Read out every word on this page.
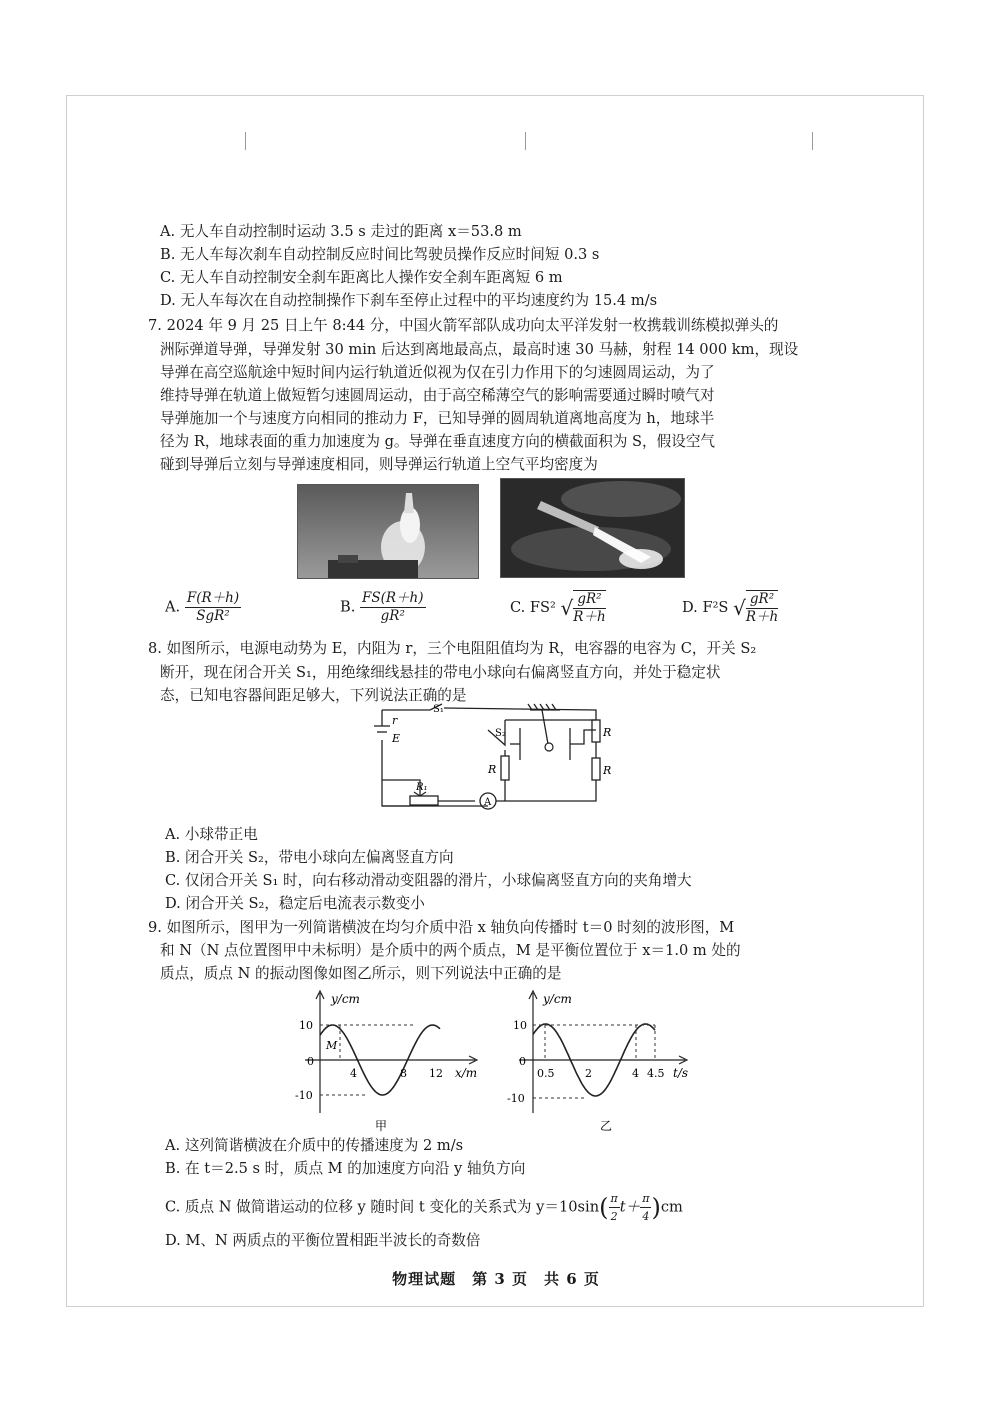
A. 无人车自动控制时运动 3.5 s 走过的距离 x＝53.8 m
B. 无人车每次刹车自动控制反应时间比驾驶员操作反应时间短 0.3 s
C. 无人车自动控制安全刹车距离比人操作安全刹车距离短 6 m
D. 无人车每次在自动控制操作下刹车至停止过程中的平均速度约为 15.4 m/s
7. 2024 年 9 月 25 日上午 8:44 分，中国火箭军部队成功向太平洋发射一枚携载训练模拟弹头的
洲际弹道导弹，导弹发射 30 min 后达到离地最高点，最高时速 30 马赫，射程 14 000 km，现设
导弹在高空巡航途中短时间内运行轨道近似视为仅在引力作用下的匀速圆周运动，为了
维持导弹在轨道上做短暂匀速圆周运动，由于高空稀薄空气的影响需要通过瞬时喷气对
导弹施加一个与速度方向相同的推动力 F，已知导弹的圆周轨道离地高度为 h，地球半
径为 R，地球表面的重力加速度为 g。导弹在垂直速度方向的横截面积为 S，假设空气
碰到导弹后立刻与导弹速度相同，则导弹运行轨道上空气平均密度为
A. $\frac{F(R+h)}{\text{SgR²}}$	B. $\frac{FS(R+h)}{\text{gR²}}$	C. FS² √ $\frac{\text{gR²}}{R+h}$	D. F²S √ $\frac{\text{gR²}}{R+h}$
8. 如图所示，电源电动势为 E，内阻为 r，三个电阻阻值均为 R，电容器的电容为 C，开关 S₂
断开，现在闭合开关 S₁，用绝缘细线悬挂的带电小球向右偏离竖直方向，并处于稳定状
态，已知电容器间距足够大，下列说法正确的是
S₁
r
E	S₂
R
R
R
R₁
A
A. 小球带正电
B. 闭合开关 S₂，带电小球向左偏离竖直方向
C. 仅闭合开关 S₁ 时，向右移动滑动变阻器的滑片，小球偏离竖直方向的夹角增大
D. 闭合开关 S₂，稳定后电流表示数变小
9. 如图所示，图甲为一列简谐横波在均匀介质中沿 x 轴负向传播时 t＝0 时刻的波形图，M
和 N（N 点位置图甲中未标明）是介质中的两个质点，M 是平衡位置位于 x＝1.0 m 处的
质点，质点 N 的振动图像如图乙所示，则下列说法中正确的是
y/cm
x/m
10
-10
0
M
4	8 12
甲
y/cm
t/s
10
-10
0
0.5	2	4 4.5
乙
A. 这列简谐横波在介质中的传播速度为 2 m/s
B. 在 t＝2.5 s 时，质点 M 的加速度方向沿 y 轴负方向
C. 质点 N 做简谐运动的位移 y 随时间 t 变化的关系式为 $y=10\sin( \frac{\pi}{2} t+ \frac{\pi}{4} )cm$
D. M、N 两质点的平衡位置相距半波长的奇数倍
物理试题　第 3 页　共 6 页
